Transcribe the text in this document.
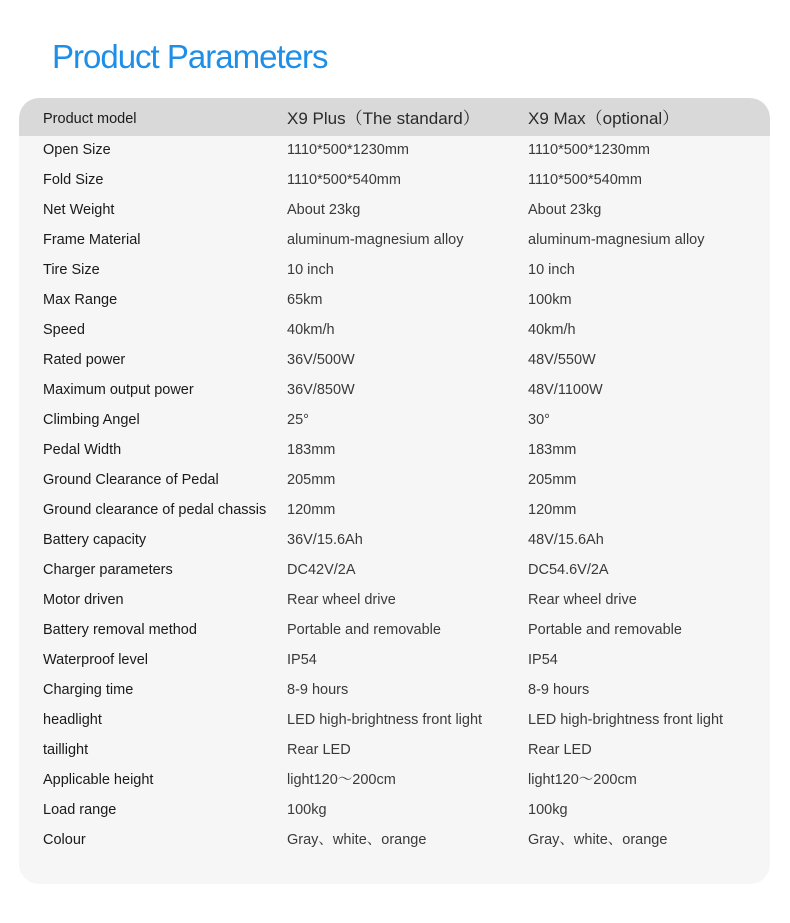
Product Parameters
Product model	X9 Plus（The standard）	X9 Max（optional）
Open Size	1110*500*1230mm	1110*500*1230mm
Fold Size	1110*500*540mm	1110*500*540mm
Net Weight	About 23kg	About 23kg
Frame Material	aluminum-magnesium alloy	aluminum-magnesium alloy
Tire Size	10 inch	10 inch
Max Range	65km	100km
Speed	40km/h	40km/h
Rated power	36V/500W	48V/550W
Maximum output power	36V/850W	48V/1100W
Climbing Angel	25°	30°
Pedal Width	183mm	183mm
Ground Clearance of Pedal	205mm	205mm
Ground clearance of pedal chassis 120mm	120mm
Battery capacity	36V/15.6Ah	48V/15.6Ah
Charger parameters	DC42V/2A	DC54.6V/2A
Motor driven	Rear wheel drive	Rear wheel drive
Battery removal method	Portable and removable	Portable and removable
Waterproof level	IP54	IP54
Charging time	8-9 hours	8-9 hours
headlight	LED high-brightness front light	LED high-brightness front light
taillight	Rear LED	Rear LED
Applicable height	light120～200cm	light120～200cm
Load range	100kg	100kg
Colour	Gray、white、orange	Gray、white、orange
